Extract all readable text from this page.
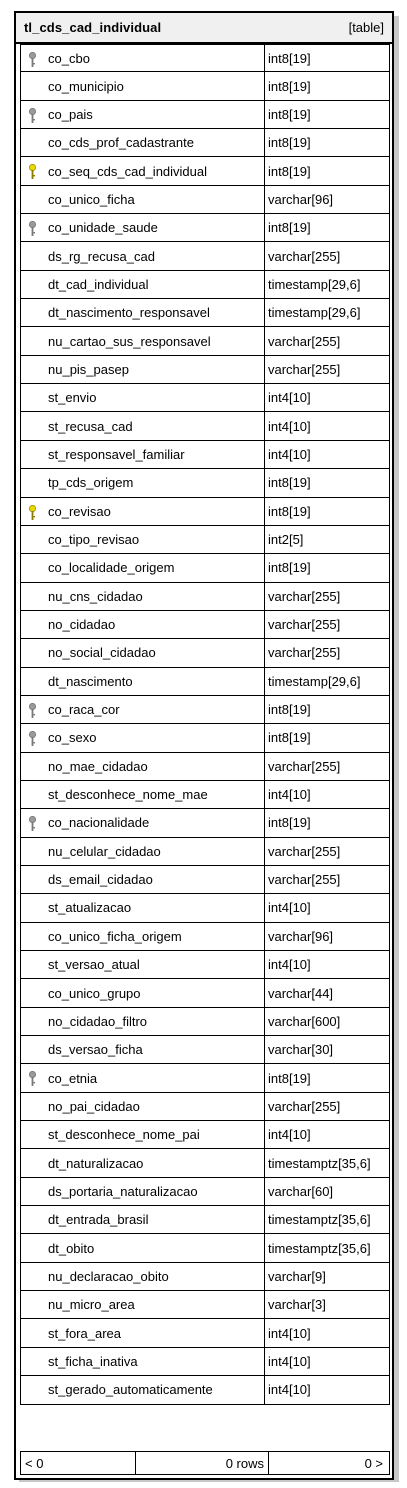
tl_cds_cad_individual	[table]
co_cbo	int8[19]
co_municipio	int8[19]
co_pais	int8[19]
co_cds_prof_cadastrante	int8[19]
co_seq_cds_cad_individual	int8[19]
co_unico_ficha	varchar[96]
co_unidade_saude	int8[19]
ds_rg_recusa_cad	varchar[255]
dt_cad_individual	timestamp[29,6]
dt_nascimento_responsavel	timestamp[29,6]
nu_cartao_sus_responsavel	varchar[255]
nu_pis_pasep	varchar[255]
st_envio	int4[10]
st_recusa_cad	int4[10]
st_responsavel_familiar	int4[10]
tp_cds_origem	int8[19]
co_revisao	int8[19]
co_tipo_revisao	int2[5]
co_localidade_origem	int8[19]
nu_cns_cidadao	varchar[255]
no_cidadao	varchar[255]
no_social_cidadao	varchar[255]
dt_nascimento	timestamp[29,6]
co_raca_cor	int8[19]
co_sexo	int8[19]
no_mae_cidadao	varchar[255]
st_desconhece_nome_mae	int4[10]
co_nacionalidade	int8[19]
nu_celular_cidadao	varchar[255]
ds_email_cidadao	varchar[255]
st_atualizacao	int4[10]
co_unico_ficha_origem	varchar[96]
st_versao_atual	int4[10]
co_unico_grupo	varchar[44]
no_cidadao_filtro	varchar[600]
ds_versao_ficha	varchar[30]
co_etnia	int8[19]
no_pai_cidadao	varchar[255]
st_desconhece_nome_pai	int4[10]
dt_naturalizacao	timestamptz[35,6]
ds_portaria_naturalizacao	varchar[60]
dt_entrada_brasil	timestamptz[35,6]
dt_obito	timestamptz[35,6]
nu_declaracao_obito	varchar[9]
nu_micro_area	varchar[3]
st_fora_area	int4[10]
st_ficha_inativa	int4[10]
st_gerado_automaticamente	int4[10]
< 0	0 rows	0 >
